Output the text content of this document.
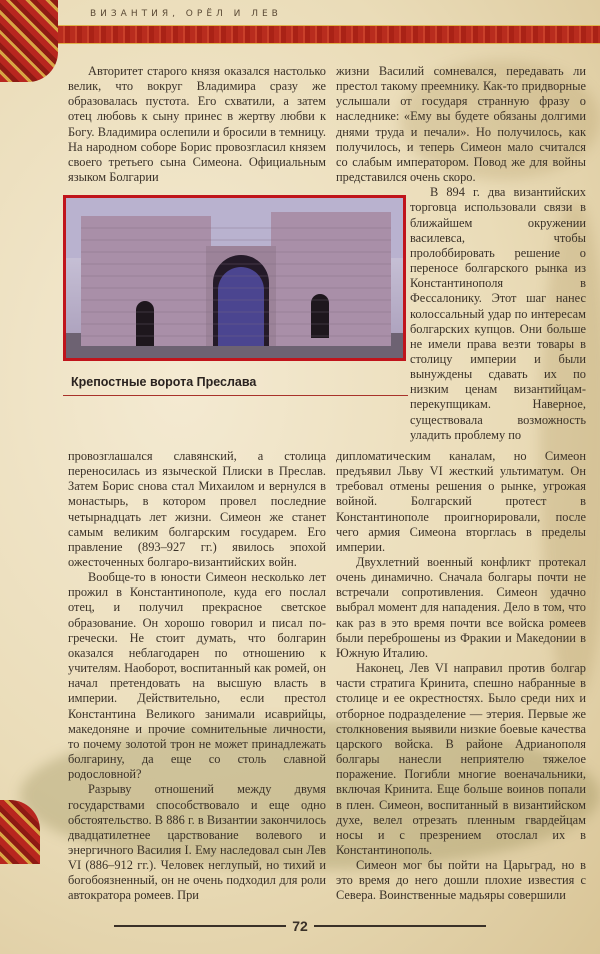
ВИЗАНТИЯ, ОРЁЛ И ЛЕВ

Авторитет старого князя оказался настолько велик, что вокруг Владимира сразу же образовалась пустота. Его схватили, а затем отец любовь к сыну принес в жертву любви к Богу. Владимира ослепили и бросили в темницу. На народном соборе Борис провозгласил князем своего третьего сына Симеона. Официальным языком Болгарии

жизни Василий сомневался, передавать ли престол такому преемнику. Как-то придворные услышали от государя странную фразу о наследнике: «Ему вы будете обязаны долгими днями труда и печали». Но получилось, как получилось, и теперь Симеон мало считался со слабым императором. Повод же для войны представился очень скоро.

Крепостные ворота Преслава

В 894 г. два византийских торговца использовали связи в ближайшем окружении василевса, чтобы пролоббировать решение о переносе болгарского рынка из Константинополя в Фессалонику. Этот шаг нанес колоссальный удар по интересам болгарских купцов. Они больше не имели права везти товары в столицу империи и были вынуждены сдавать их по низким ценам византийцам-перекупщикам. Наверное, существовала возможность уладить проблему по

провозглашался славянский, а столица переносилась из языческой Плиски в Преслав. Затем Борис снова стал Михаилом и вернулся в монастырь, в котором провел последние четырнадцать лет жизни. Симеон же станет самым великим болгарским государем. Его правление (893–927 гг.) явилось эпохой ожесточенных болгаро-византийских войн.

Вообще-то в юности Симеон несколько лет прожил в Константинополе, куда его послал отец, и получил прекрасное светское образование. Он хорошо говорил и писал по-гречески. Не стоит думать, что болгарин оказался неблагодарен по отношению к учителям. Наоборот, воспитанный как ромей, он начал претендовать на высшую власть в империи. Действительно, если престол Константина Великого занимали исаврийцы, македоняне и прочие сомнительные личности, то почему золотой трон не может принадлежать болгарину, да еще со столь славной родословной?

Разрыву отношений между двумя государствами способствовало и еще одно обстоятельство. В 886 г. в Византии закончилось двадцатилетнее царствование волевого и энергичного Василия I. Ему наследовал сын Лев VI (886–912 гг.). Человек неглупый, но тихий и богобоязненный, он не очень подходил для роли автократора ромеев. При

дипломатическим каналам, но Симеон предъявил Льву VI жесткий ультиматум. Он требовал отмены решения о рынке, угрожая войной. Болгарский протест в Константинополе проигнорировали, после чего армия Симеона вторглась в пределы империи.

Двухлетний военный конфликт протекал очень динамично. Сначала болгары почти не встречали сопротивления. Симеон удачно выбрал момент для нападения. Дело в том, что как раз в это время почти все войска ромеев были переброшены из Фракии и Македонии в Южную Италию.

Наконец, Лев VI направил против болгар части стратига Кринита, спешно набранные в столице и ее окрестностях. Было среди них и отборное подразделение — этерия. Первые же столкновения выявили низкие боевые качества царского войска. В районе Адрианополя болгары нанесли неприятелю тяжелое поражение. Погибли многие военачальники, включая Кринита. Еще больше воинов попали в плен. Симеон, воспитанный в византийском духе, велел отрезать пленным гвардейцам носы и с презрением отослал их в Константинополь.

Симеон мог бы пойти на Царьград, но в это время до него дошли плохие известия с Севера. Воинственные мадьяры совершили

72
